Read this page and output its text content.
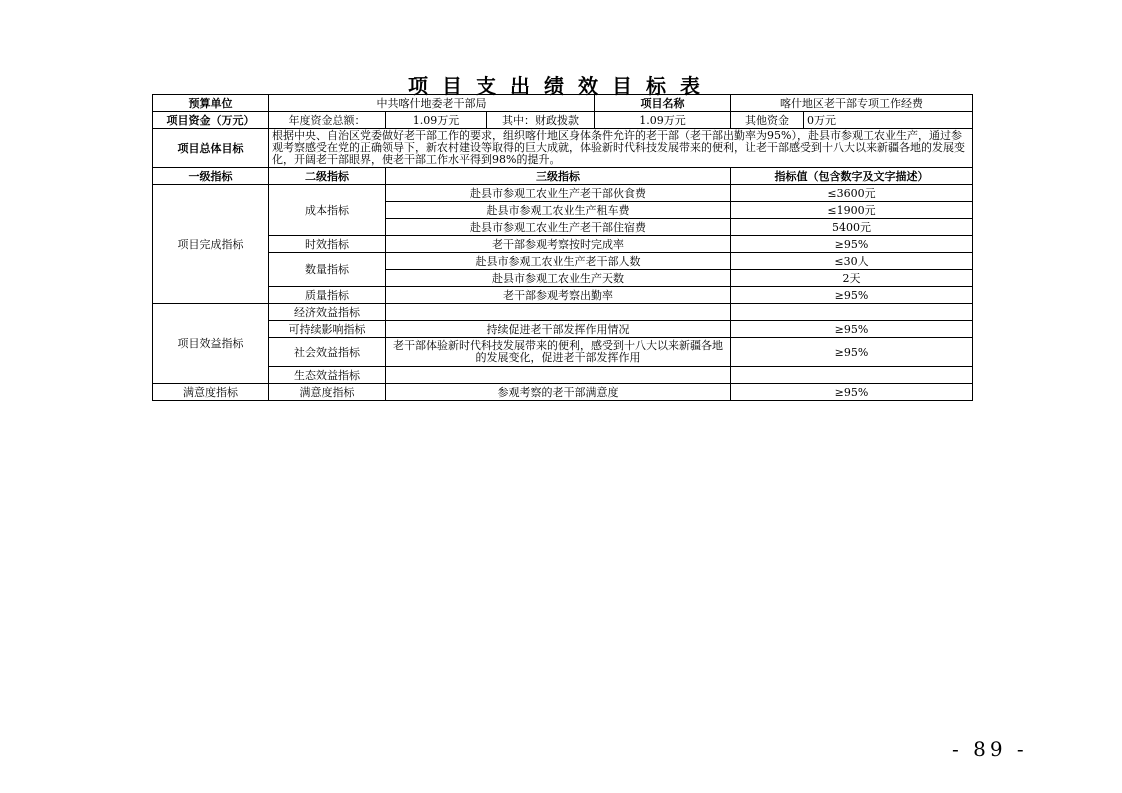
项目支出绩效目标表
预算单位	中共喀什地委老干部局			项目名称	喀什地区老干部专项工作经费	
项目资金（万元）	年度资金总额：	1.09万元	其中：财政拨款	1.09万元	其他资金	0万元
项目总体目标	根据中央、自治区党委做好老干部工作的要求，组织喀什地区身体条件允许的老干部（老干部出勤率为95%），赴县市参观工农业生产，通过参观考察感受在党的正确领导下，新农村建设等取得的巨大成就，体验新时代科技发展带来的便利，让老干部感受到十八大以来新疆各地的发展变化，开阔老干部眼界，使老干部工作水平得到98%的提升。					
一级指标	二级指标	三级指标			指标值（包含数字及文字描述）	
项目完成指标	成本指标	赴县市参观工农业生产老干部伙食费			≤3600元	
		赴县市参观工农业生产租车费			≤1900元	
		赴县市参观工农业生产老干部住宿费			5400元	
	时效指标	老干部参观考察按时完成率			≥95%	
	数量指标	赴县市参观工农业生产老干部人数			≤30人	
		赴县市参观工农业生产天数			2天	
	质量指标	老干部参观考察出勤率			≥95%	
项目效益指标	经济效益指标					
	可持续影响指标	持续促进老干部发挥作用情况			≥95%	
	社会效益指标	老干部体验新时代科技发展带来的便利，感受到十八大以来新疆各地的发展变化，促进老干部发挥作用			≥95%	
	生态效益指标					
满意度指标	满意度指标	参观考察的老干部满意度			≥95%	
- 89 -
